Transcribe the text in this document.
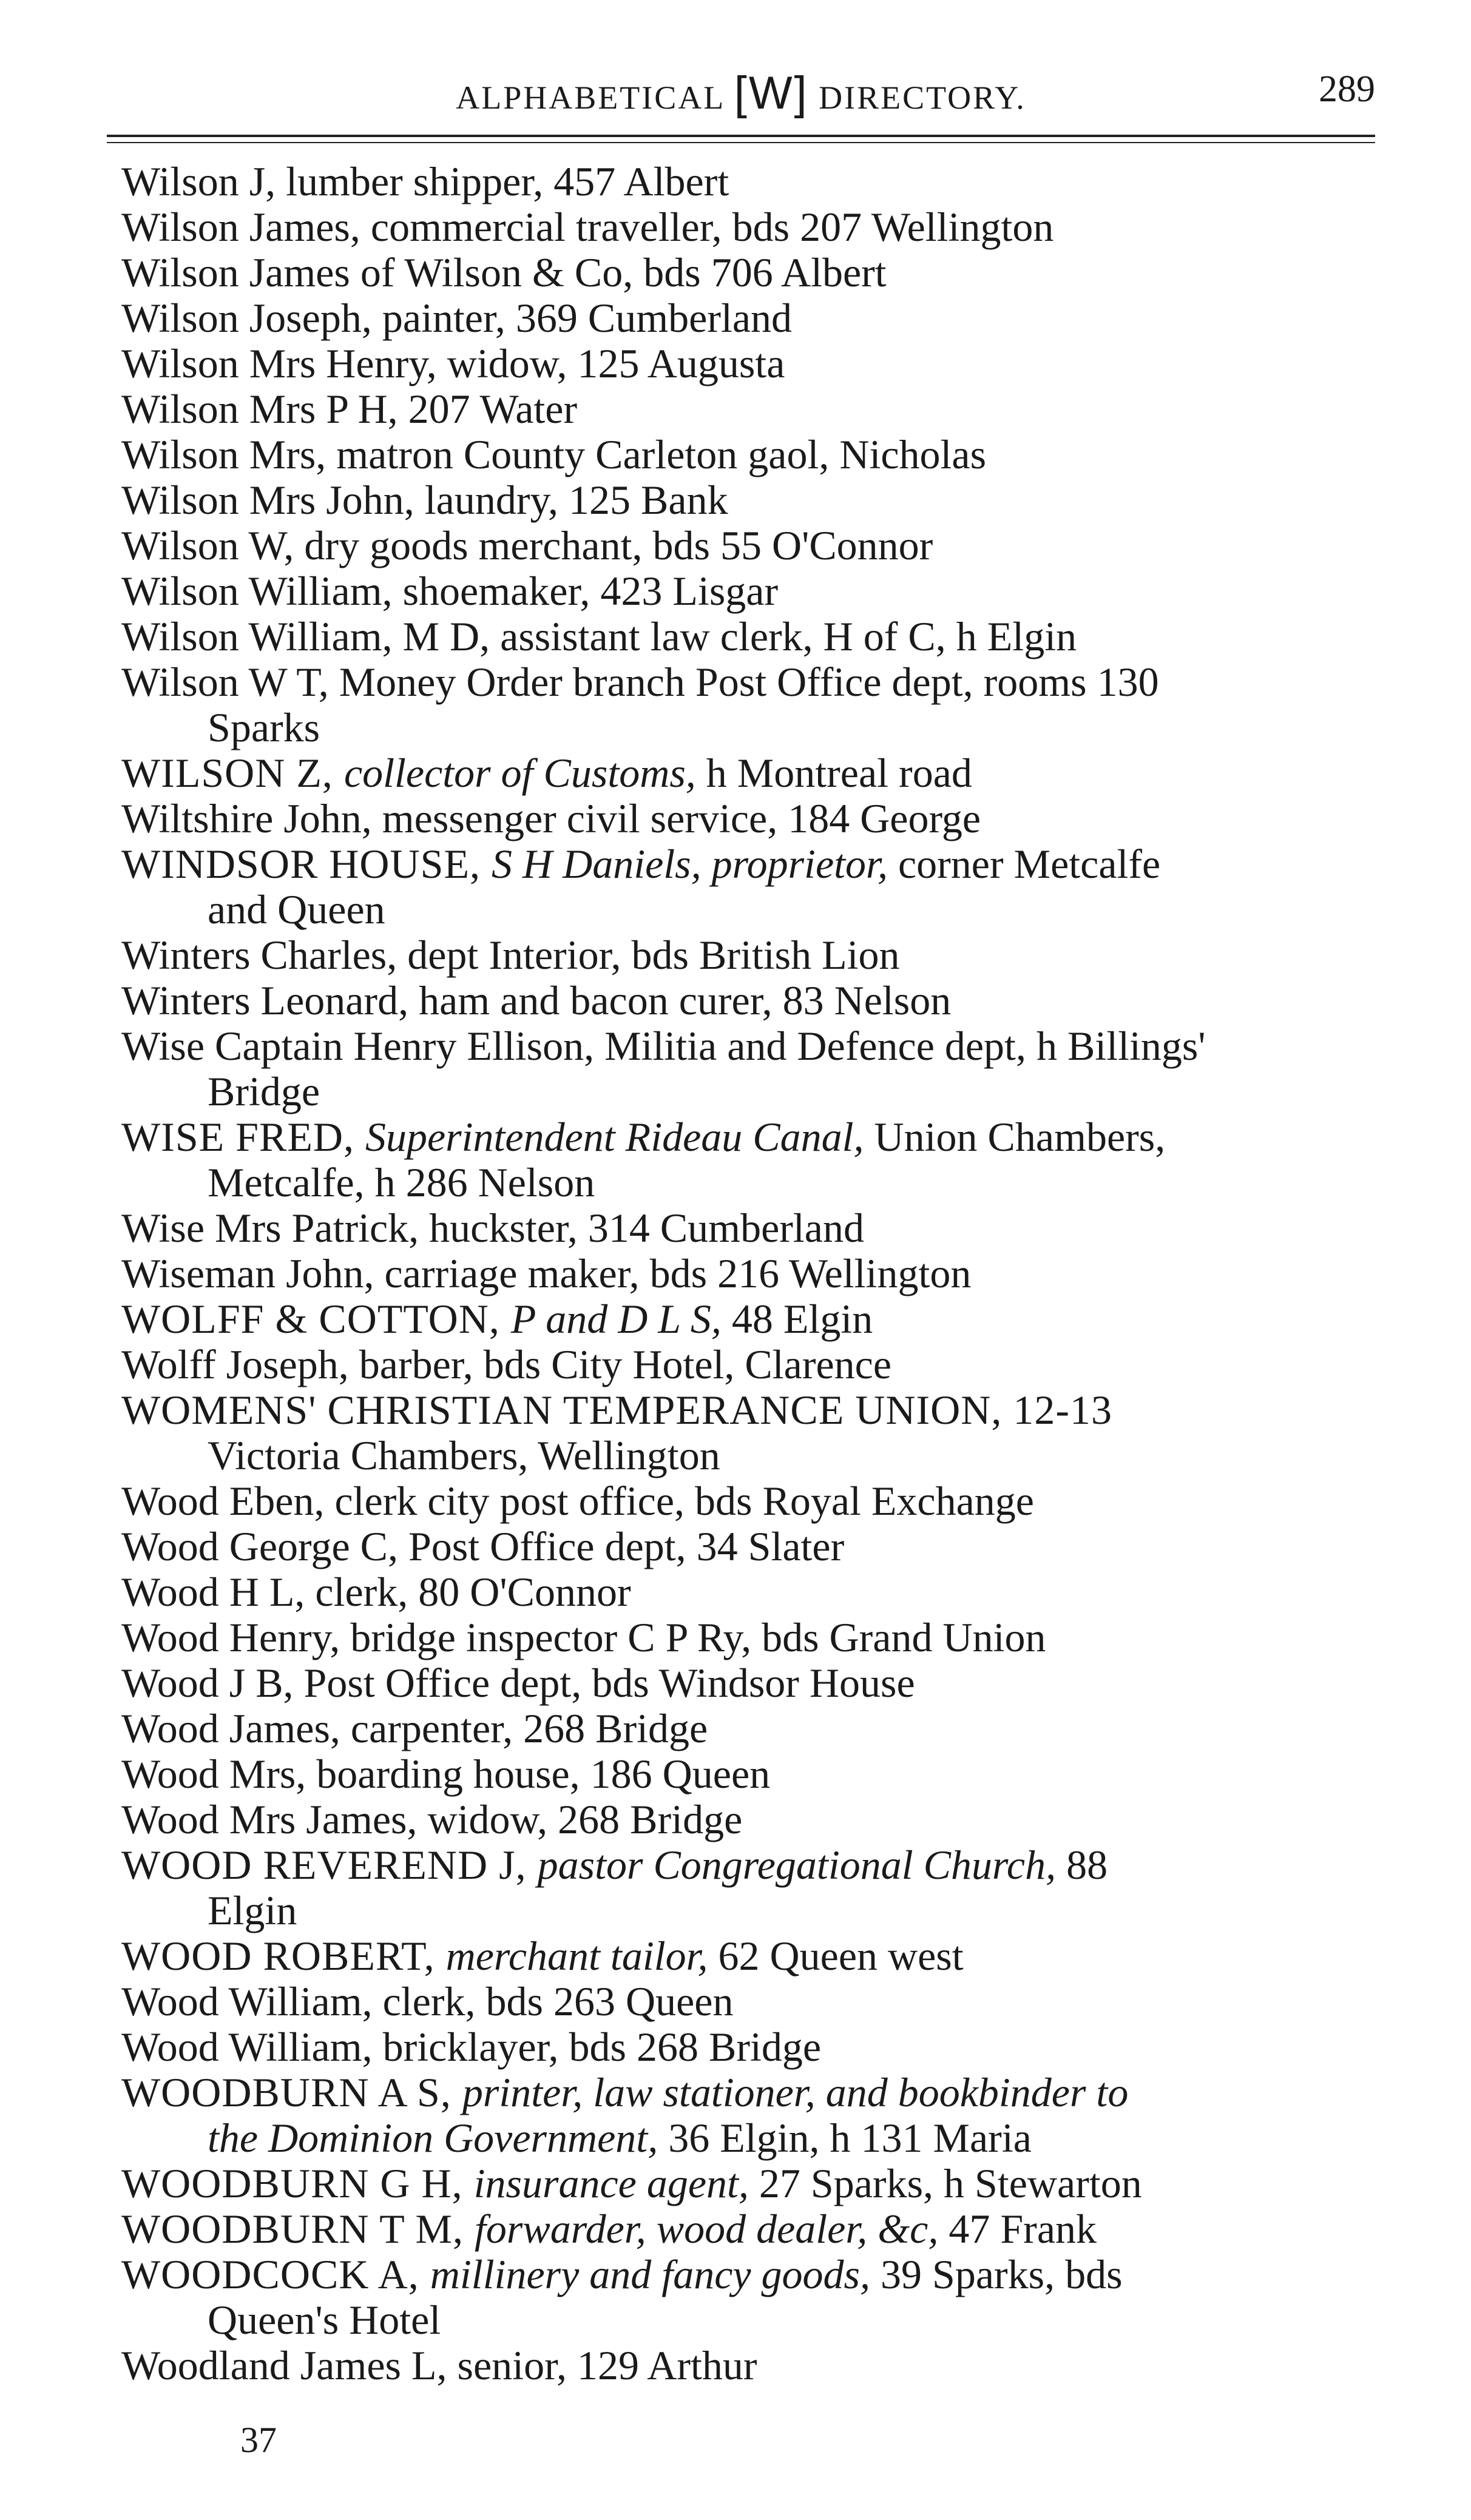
ALPHABETICAL [W] DIRECTORY.	289
Wilson J, lumber shipper, 457 Albert
Wilson James, commercial traveller, bds 207 Wellington
Wilson James of Wilson & Co, bds 706 Albert
Wilson Joseph, painter, 369 Cumberland
Wilson Mrs Henry, widow, 125 Augusta
Wilson Mrs P H, 207 Water
Wilson Mrs, matron County Carleton gaol, Nicholas
Wilson Mrs John, laundry, 125 Bank
Wilson W, dry goods merchant, bds 55 O'Connor
Wilson William, shoemaker, 423 Lisgar
Wilson William, M D, assistant law clerk, H of C, h Elgin
Wilson W T, Money Order branch Post Office dept, rooms 130
Sparks
WILSON Z, collector of Customs, h Montreal road
Wiltshire John, messenger civil service, 184 George
WINDSOR HOUSE, S H Daniels, proprietor, corner Metcalfe
and Queen
Winters Charles, dept Interior, bds British Lion
Winters Leonard, ham and bacon curer, 83 Nelson
Wise Captain Henry Ellison, Militia and Defence dept, h Billings'
Bridge
WISE FRED, Superintendent Rideau Canal, Union Chambers,
Metcalfe, h 286 Nelson
Wise Mrs Patrick, huckster, 314 Cumberland
Wiseman John, carriage maker, bds 216 Wellington
WOLFF & COTTON, P and D L S, 48 Elgin
Wolff Joseph, barber, bds City Hotel, Clarence
WOMENS' CHRISTIAN TEMPERANCE UNION, 12-13
Victoria Chambers, Wellington
Wood Eben, clerk city post office, bds Royal Exchange
Wood George C, Post Office dept, 34 Slater
Wood H L, clerk, 80 O'Connor
Wood Henry, bridge inspector C P Ry, bds Grand Union
Wood J B, Post Office dept, bds Windsor House
Wood James, carpenter, 268 Bridge
Wood Mrs, boarding house, 186 Queen
Wood Mrs James, widow, 268 Bridge
WOOD REVEREND J, pastor Congregational Church, 88
Elgin
WOOD ROBERT, merchant tailor, 62 Queen west
Wood William, clerk, bds 263 Queen
Wood William, bricklayer, bds 268 Bridge
WOODBURN A S, printer, law stationer, and bookbinder to
the Dominion Government, 36 Elgin, h 131 Maria
WOODBURN G H, insurance agent, 27 Sparks, h Stewarton
WOODBURN T M, forwarder, wood dealer, &c, 47 Frank
WOODCOCK A, millinery and fancy goods, 39 Sparks, bds
Queen's Hotel
Woodland James L, senior, 129 Arthur
37
